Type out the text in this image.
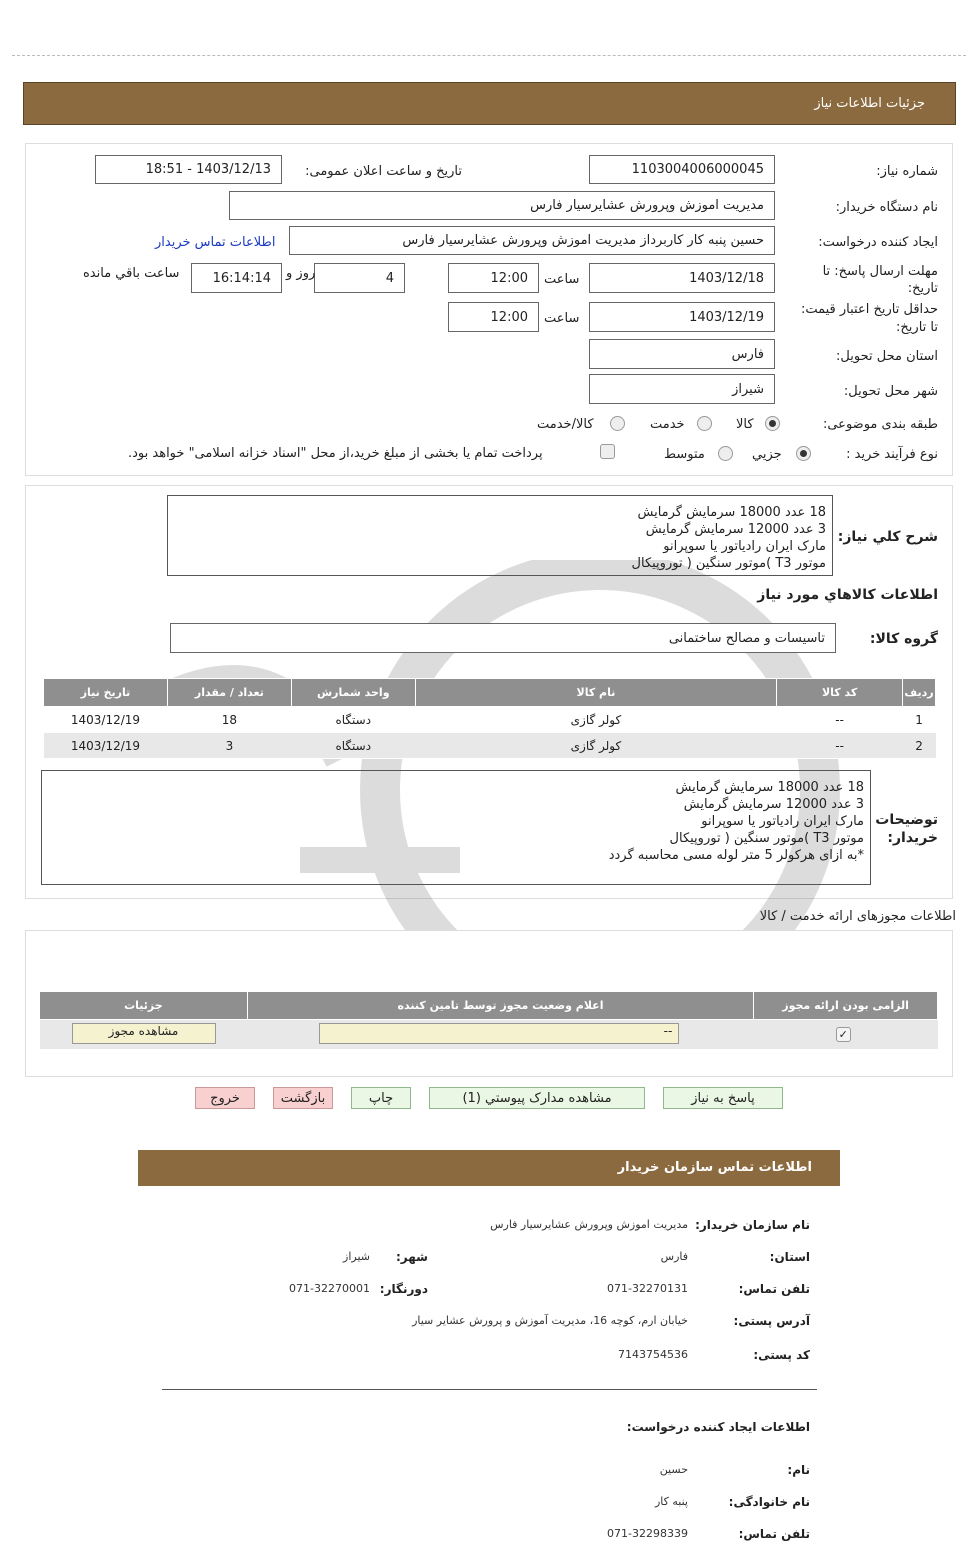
جزئیات اطلاعات نیاز
شماره نیاز:
1103004006000045
تاریخ و ساعت اعلان عمومی:
1403/12/13 - 18:51
نام دستگاه خریدار:
مدیریت اموزش وپرورش عشایرسیار فارس
ایجاد کننده درخواست:
حسین پنبه کار کاربرداز مدیریت اموزش وپرورش عشایرسیار فارس
اطلاعات تماس خریدار
مهلت ارسال پاسخ: تا
تاریخ:
1403/12/18
ساعت
12:00
4
روز و
16:14:14
ساعت باقي مانده
حداقل تاریخ اعتبار قیمت:
تا تاریخ:
1403/12/19
ساعت
12:00
استان محل تحویل:
فارس
شهر محل تحویل:
شیراز
طبقه بندی موضوعی:
کالا
خدمت
کالا/خدمت
نوع فرآیند خرید :
جزیي
متوسط
پرداخت تمام یا بخشی از مبلغ خرید،از محل "اسناد خزانه اسلامی" خواهد بود.
شرح کلي نياز:
18 عدد 18000 سرمایش گرمایش
3 عدد 12000 سرمایش گرمایش
مارک ایران رادیاتور یا سوپرانو
موتور T3 )موتور سنگین ( توروپیکال
اطلاعات کالاهاي مورد نياز
گروه کالا:
تاسیسات و مصالح ساختمانی
رديف	کد کالا	نام کالا	واحد شمارش	تعداد / مقدار	تاريخ نياز
1	--	کولر گازی	دستگاه	18	1403/12/19
2	--	کولر گازی	دستگاه	3	1403/12/19
توضيحات
خريدار:
18 عدد 18000 سرمایش گرمایش
3 عدد 12000 سرمایش گرمایش
مارک ایران رادیاتور یا سوپرانو
موتور T3 )موتور سنگین ( توروپیکال
*به ازای هرکولر 5 متر لوله مسی محاسبه گردد
اطلاعات مجوزهای ارائه خدمت / کالا
الزامی بودن ارائه مجوز	اعلام وضعیت مجوز توسط تامین کننده	جزئیات

✓	--	مشاهده مجوز
پاسخ به نياز
مشاهده مدارک پیوستي (1)
چاپ
بازگشت
خروج
اطلاعات تماس سازمان خریدار
نام سازمان خریدار:
مدیریت اموزش وپرورش عشایرسیار فارس
استان:
فارس
شهر:
شیراز
تلفن تماس:
071-32270131
دورنگار:
071-32270001
آدرس پستی:
خیابان ارم، کوچه 16، مدیریت آموزش و پرورش عشایر سیار
کد پستی:
7143754536
اطلاعات ایجاد کننده درخواست:
نام:
حسین
نام خانوادگی:
پنبه کار
تلفن تماس:
071-32298339
